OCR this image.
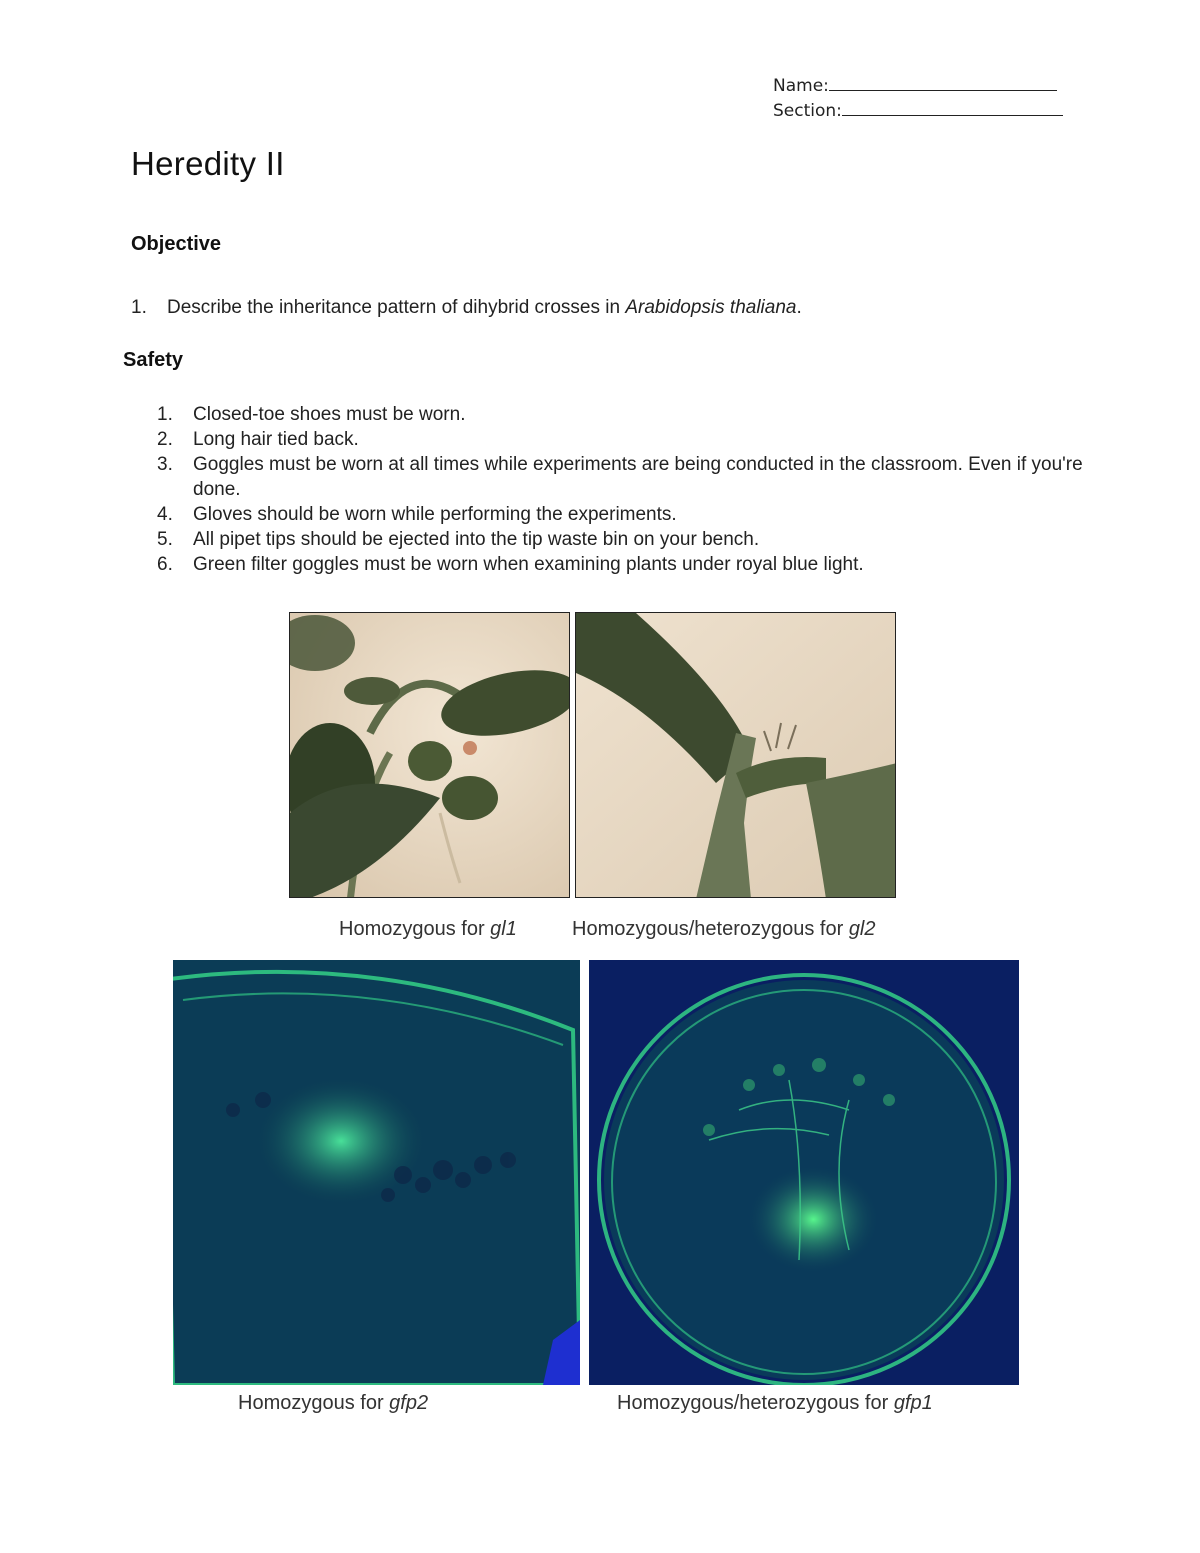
Name:
Section:
Heredity II
Objective
1. Describe the inheritance pattern of dihybrid crosses in Arabidopsis thaliana.
Safety
1.	Closed-toe shoes must be worn.
2.	Long hair tied back.
3.	Goggles must be worn at all times while experiments are being conducted in the classroom. Even if you're done.
4.	Gloves should be worn while performing the experiments.
5.	All pipet tips should be ejected into the tip waste bin on your bench.
6.	Green filter goggles must be worn when examining plants under royal blue light.
Homozygous for gl1	Homozygous/heterozygous for gl2
Homozygous for gfp2	Homozygous/heterozygous for gfp1
